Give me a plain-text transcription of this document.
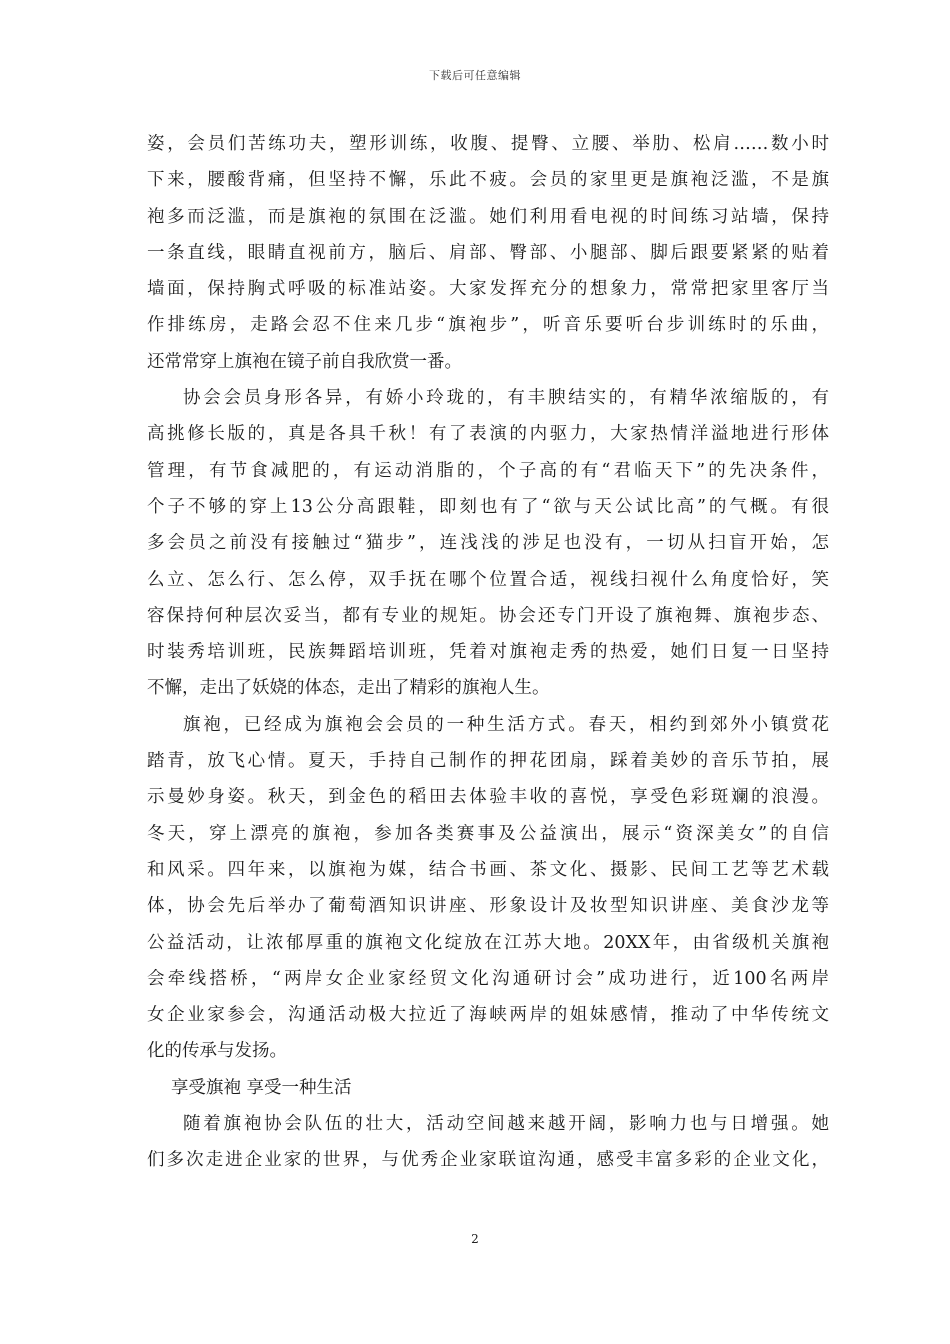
下载后可任意编辑

姿，会员们苦练功夫，塑形训练，收腹、提臀、立腰、举肋、松肩……数小时
下来，腰酸背痛，但坚持不懈，乐此不疲。会员的家里更是旗袍泛滥，不是旗
袍多而泛滥，而是旗袍的氛围在泛滥。她们利用看电视的时间练习站墙，保持
一条直线，眼睛直视前方，脑后、肩部、臀部、小腿部、脚后跟要紧紧的贴着
墙面，保持胸式呼吸的标准站姿。大家发挥充分的想象力，常常把家里客厅当
作排练房，走路会忍不住来几步“旗袍步”，听音乐要听台步训练时的乐曲，
还常常穿上旗袍在镜子前自我欣赏一番。

协会会员身形各异，有娇小玲珑的，有丰腴结实的，有精华浓缩版的，有
高挑修长版的，真是各具千秋！有了表演的内驱力，大家热情洋溢地进行形体
管理，有节食减肥的，有运动消脂的，个子高的有“君临天下”的先决条件，
个子不够的穿上13公分高跟鞋，即刻也有了“欲与天公试比高”的气概。有很
多会员之前没有接触过“猫步”，连浅浅的涉足也没有，一切从扫盲开始，怎
么立、怎么行、怎么停，双手抚在哪个位置合适，视线扫视什么角度恰好，笑
容保持何种层次妥当，都有专业的规矩。协会还专门开设了旗袍舞、旗袍步态、
时装秀培训班，民族舞蹈培训班，凭着对旗袍走秀的热爱，她们日复一日坚持
不懈，走出了妖娆的体态，走出了精彩的旗袍人生。

旗袍，已经成为旗袍会会员的一种生活方式。春天，相约到郊外小镇赏花
踏青，放飞心情。夏天，手持自己制作的押花团扇，踩着美妙的音乐节拍，展
示曼妙身姿。秋天，到金色的稻田去体验丰收的喜悦，享受色彩斑斓的浪漫。
冬天，穿上漂亮的旗袍，参加各类赛事及公益演出，展示“资深美女”的自信
和风采。四年来，以旗袍为媒，结合书画、茶文化、摄影、民间工艺等艺术载
体，协会先后举办了葡萄酒知识讲座、形象设计及妆型知识讲座、美食沙龙等
公益活动，让浓郁厚重的旗袍文化绽放在江苏大地。20XX年，由省级机关旗袍
会牵线搭桥，“两岸女企业家经贸文化沟通研讨会”成功进行，近100名两岸
女企业家参会，沟通活动极大拉近了海峡两岸的姐妹感情，推动了中华传统文
化的传承与发扬。

享受旗袍 享受一种生活

随着旗袍协会队伍的壮大，活动空间越来越开阔，影响力也与日增强。她
们多次走进企业家的世界，与优秀企业家联谊沟通，感受丰富多彩的企业文化，

2
